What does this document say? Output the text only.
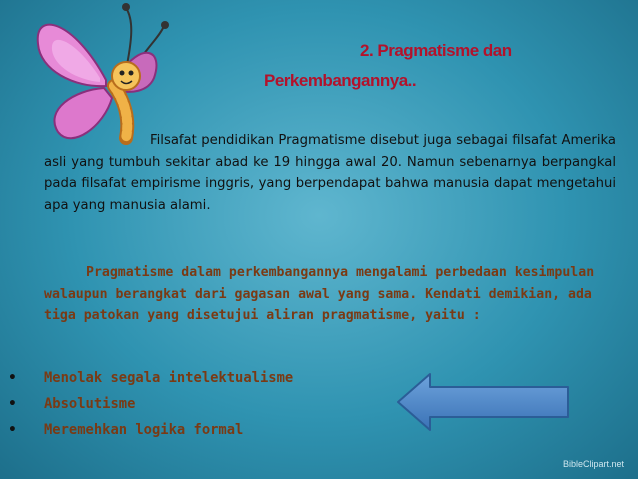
2. Pragmatisme dan
Perkembangannya..
Filsafat pendidikan Pragmatisme disebut juga sebagai filsafat Amerika asli yang tumbuh sekitar abad ke 19 hingga awal 20. Namun sebenarnya berpangkal pada filsafat empirisme inggris, yang berpendapat bahwa manusia dapat mengetahui apa yang manusia alami.
Pragmatisme dalam perkembangannya mengalami perbedaan kesimpulan walaupun berangkat dari gagasan awal yang sama. Kendati demikian, ada tiga patokan yang disetujui aliran pragmatisme, yaitu :
• Menolak segala intelektualisme
• Absolutisme
• Meremehkan logika formal
BibleClipart.net
